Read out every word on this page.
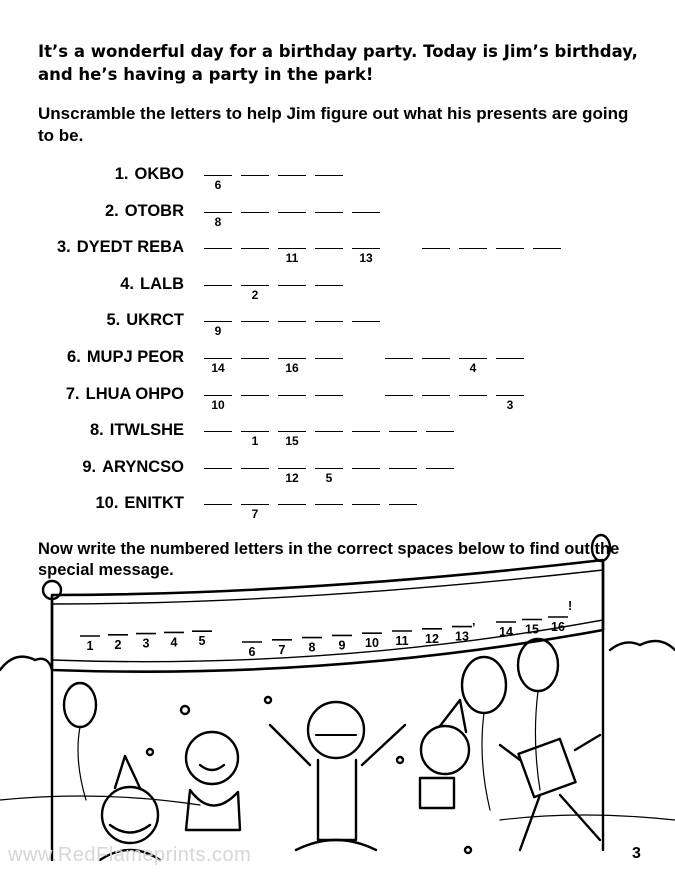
It’s a wonderful day for a birthday party. Today is Jim’s birthday, and he’s having a party in the park!

Unscramble the letters to help Jim figure out what his presents are going to be.

1. OKBO
6
2. OTOBR
8
3. DYEDT REBA
11	13
4. LALB
2
5. UKRCT
9
6. MUPJ PEOR
14	16	4
7. LHUA OHPO
10	3
8. ITWLSHE
1	15
9. ARYNCSO
12	5
10. ENITKT
7

Now write the numbered letters in the correct spaces below to find out the special message.

1 2 3 4 5
6 7 8 9 10 11 12 13 14 15 16
’
!
www.RedFlameprints.com	3
